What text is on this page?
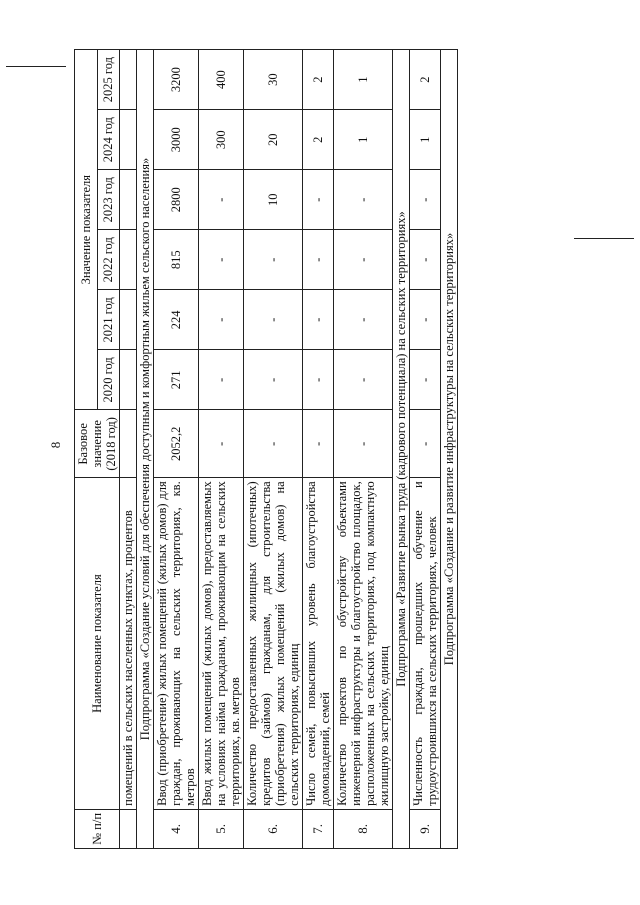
8
№ п/п	Наименование показателя	Базовое значение (2018 год)	Значение показателя					
			2020 год	2021 год	2022 год	2023 год	2024 год	2025 год
	помещений в сельских населенных пунктах, процентов							
Подпрограмма «Создание условий для обеспечения доступным и комфортным жильем сельского населения»								
4.	Ввод (приобретение) жилых помещений (жилых домов) для граждан, проживающих на сельских территориях, кв. метров	2052,2	271	224	815	2800	3000	3200
5.	Ввод жилых помещений (жилых домов), предоставляемых на условиях найма гражданам, проживающим на сельских территориях, кв. метров	-	-	-	-	-	300	400
6.	Количество предоставленных жилищных (ипотечных) кредитов (займов) гражданам, для строительства (приобретения) жилых помещений (жилых домов) на сельских территориях, единиц	-	-	-	-	10	20	30
7.	Число семей, повысивших уровень благоустройства домовладений, семей	-	-	-	-	-	2	2
8.	Количество проектов по обустройству объектами инженерной инфраструктуры и благоустройство площадок, расположенных на сельских территориях, под компактную жилищную застройку, единиц	-	-	-	-	-	1	1
Подпрограмма «Развитие рынка труда (кадрового потенциала) на сельских территориях»								
9.	Численность граждан, прошедших обучение и трудоустроившихся на сельских территориях, человек	-	-	-	-	-	1	2
Подпрограмма «Создание и развитие инфраструктуры на сельских территориях»								
